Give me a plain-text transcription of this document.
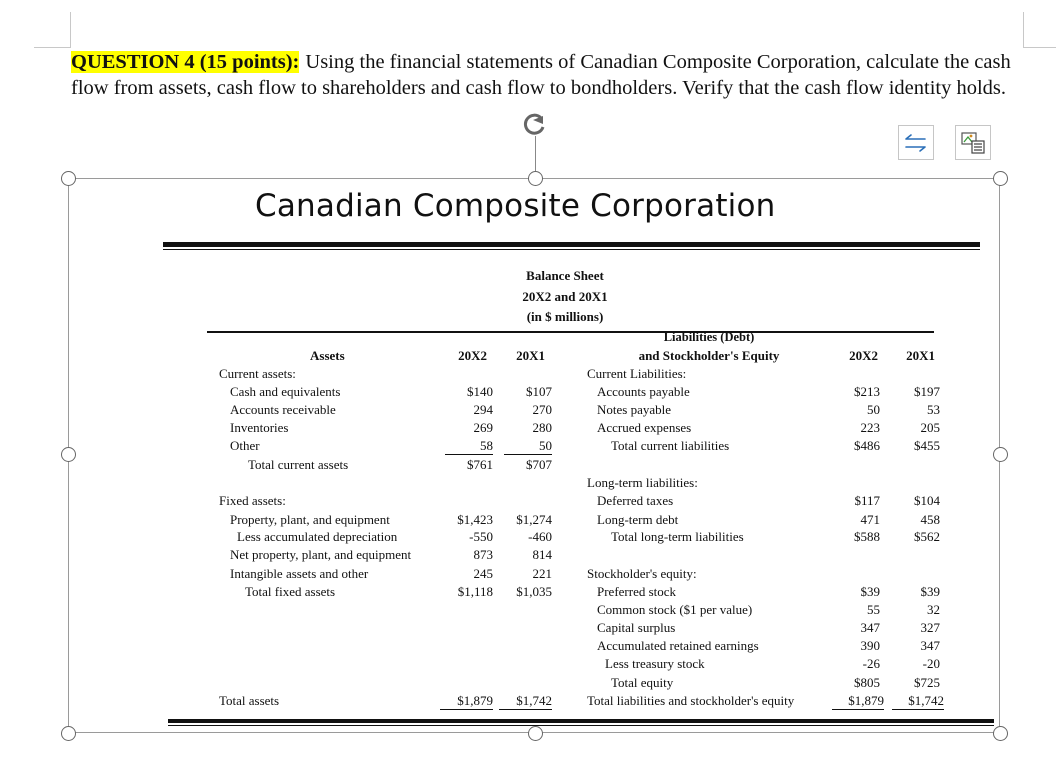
QUESTION 4 (15 points): Using the financial statements of Canadian Composite Corporation, calculate the cash flow from assets, cash flow to shareholders and cash flow to bondholders. Verify that the cash flow identity holds.
Canadian Composite Corporation
Balance Sheet
20X2 and 20X1
(in $ millions)
Assets	20X2	20X1
Current assets:
Cash and equivalents	$140	$107
Accounts receivable	294	270
Inventories	269	280
Other	58	50
Total current assets	$761	$707
Fixed assets:
Property, plant, and equipment	$1,423	$1,274
Less accumulated depreciation	-550	-460
Net property, plant, and equipment	873	814
Intangible assets and other	245	221
Total fixed assets	$1,118	$1,035
Total assets	$1,879	$1,742
Liabilities (Debt)
and Stockholder's Equity	20X2	20X1
Current Liabilities:
Accounts payable	$213	$197
Notes payable	50	53
Accrued expenses	223	205
Total current liabilities	$486	$455
Long-term liabilities:
Deferred taxes	$117	$104
Long-term debt	471	458
Total long-term liabilities	$588	$562
Stockholder's equity:
Preferred stock	$39	$39
Common stock ($1 per value)	55	32
Capital surplus	347	327
Accumulated retained earnings	390	347
Less treasury stock	-26	-20
Total equity	$805	$725
Total liabilities and stockholder's equity	$1,879	$1,742
